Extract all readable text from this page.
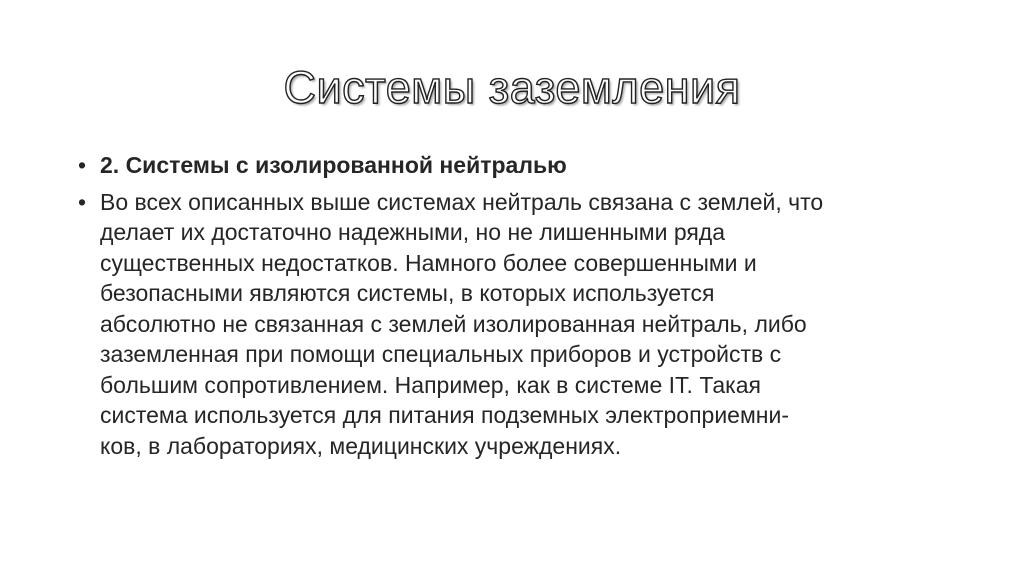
Системы заземления
• 2. Системы с изолированной нейтралью
• Во всех описанных выше системах нейтраль связана с землей, что
делает их достаточно надежными, но не лишенными ряда
существенных недостатков. Намного более совершенными и
безопасными являются системы, в которых используется
абсолютно не связанная с землей изолированная нейтраль, либо
заземленная при помощи специальных приборов и устройств с
большим сопротивлением. Например, как в системе IT. Такая
система используется для питания подземных электроприемни-
ков, в лабораториях, медицинских учреждениях.
